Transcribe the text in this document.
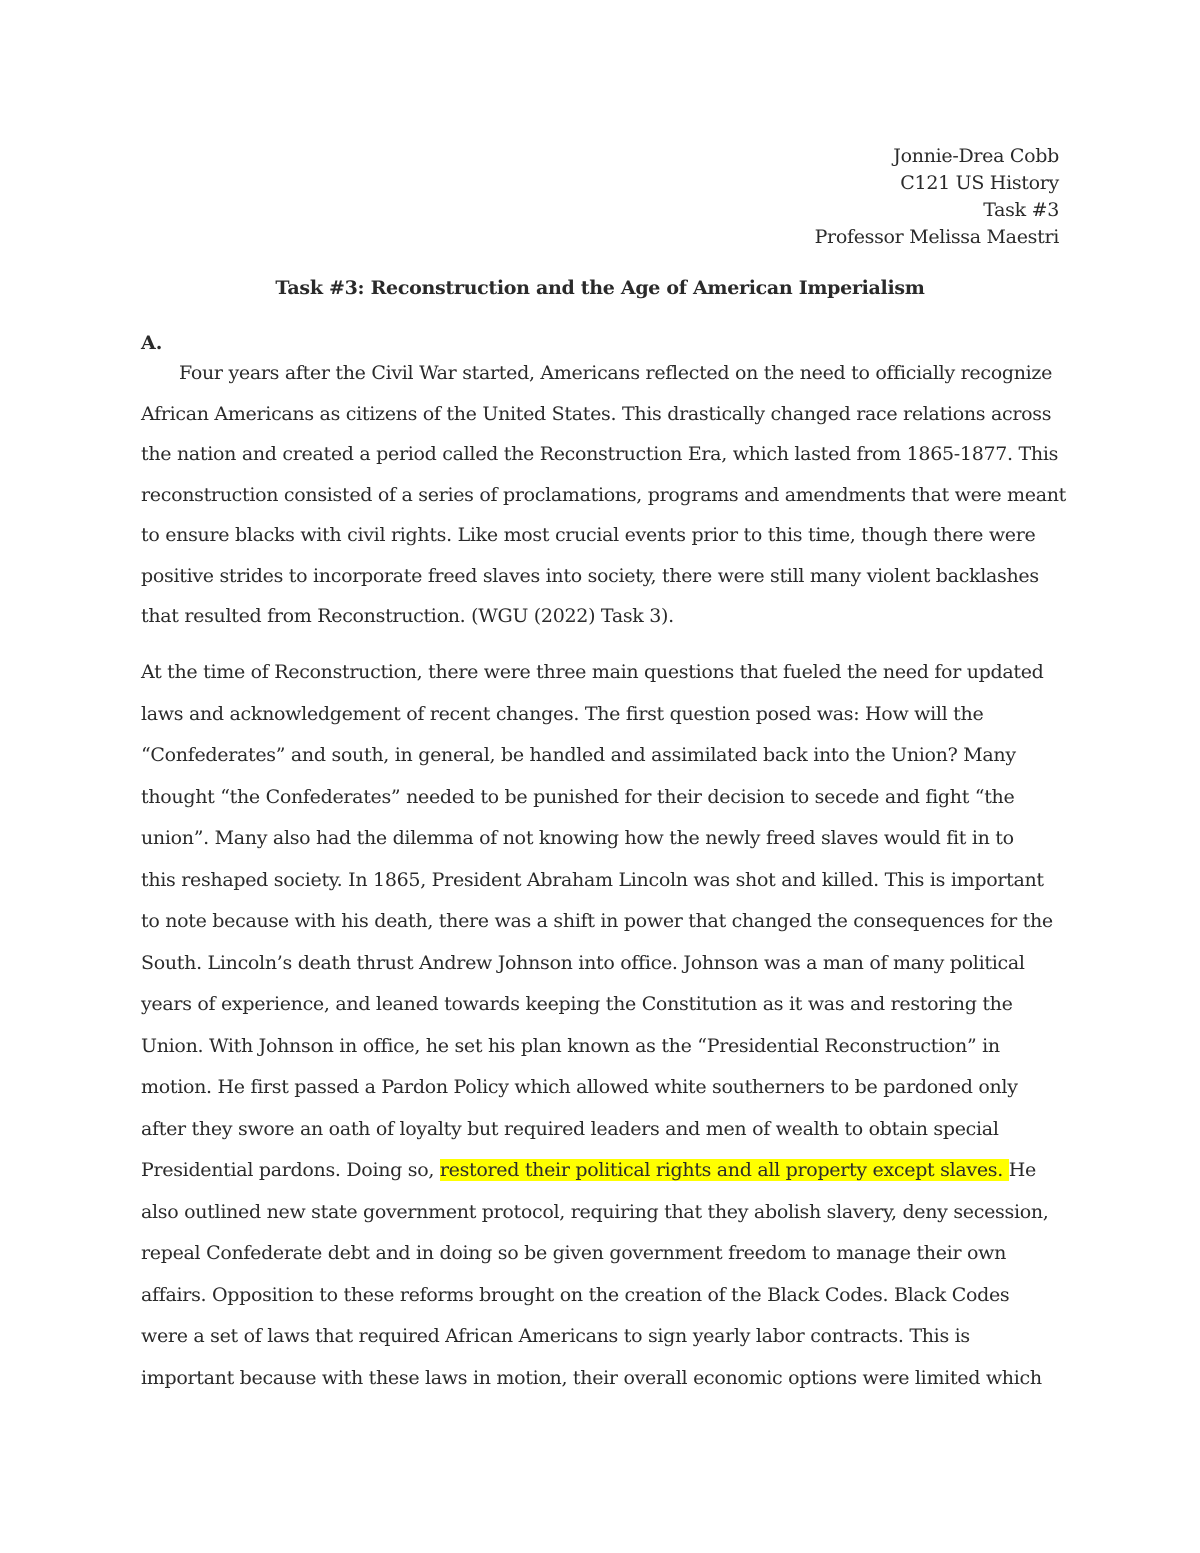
Jonnie-Drea Cobb
C121 US History
Task #3
Professor Melissa Maestri
Task #3: Reconstruction and the Age of American Imperialism
A.
Four years after the Civil War started, Americans reflected on the need to officially recognize
African Americans as citizens of the United States. This drastically changed race relations across
the nation and created a period called the Reconstruction Era, which lasted from 1865-1877. This
reconstruction consisted of a series of proclamations, programs and amendments that were meant
to ensure blacks with civil rights. Like most crucial events prior to this time, though there were
positive strides to incorporate freed slaves into society, there were still many violent backlashes
that resulted from Reconstruction. (WGU (2022) Task 3).
At the time of Reconstruction, there were three main questions that fueled the need for updated
laws and acknowledgement of recent changes. The first question posed was: How will the
“Confederates” and south, in general, be handled and assimilated back into the Union? Many
thought “the Confederates” needed to be punished for their decision to secede and fight “the
union”. Many also had the dilemma of not knowing how the newly freed slaves would fit in to
this reshaped society. In 1865, President Abraham Lincoln was shot and killed. This is important
to note because with his death, there was a shift in power that changed the consequences for the
South. Lincoln’s death thrust Andrew Johnson into office. Johnson was a man of many political
years of experience, and leaned towards keeping the Constitution as it was and restoring the
Union. With Johnson in office, he set his plan known as the “Presidential Reconstruction” in
motion. He first passed a Pardon Policy which allowed white southerners to be pardoned only
after they swore an oath of loyalty but required leaders and men of wealth to obtain special
Presidential pardons. Doing so, restored their political rights and all property except slaves. He
also outlined new state government protocol, requiring that they abolish slavery, deny secession,
repeal Confederate debt and in doing so be given government freedom to manage their own
affairs. Opposition to these reforms brought on the creation of the Black Codes. Black Codes
were a set of laws that required African Americans to sign yearly labor contracts. This is
important because with these laws in motion, their overall economic options were limited which
